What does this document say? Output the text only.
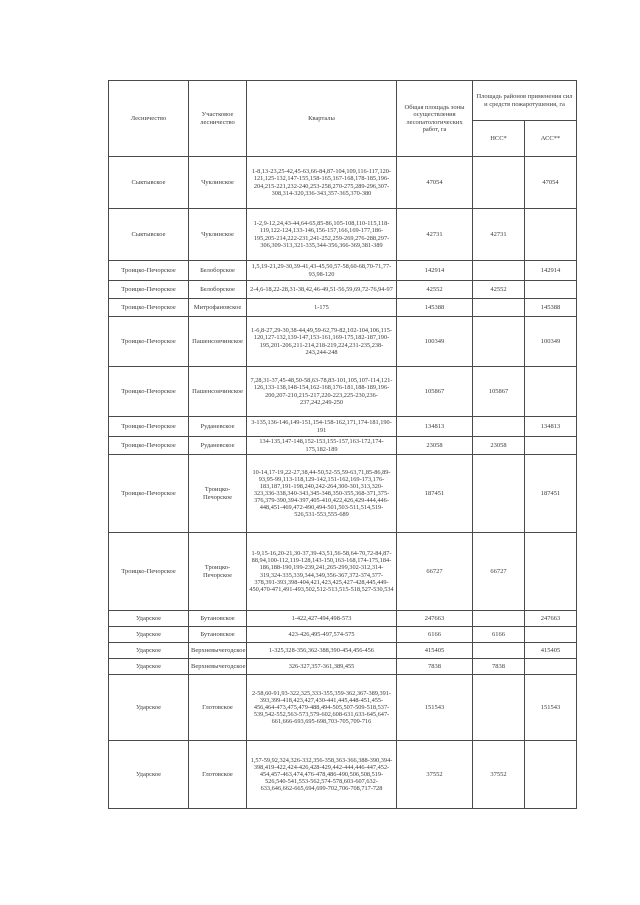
Лесничество	Участковое лесничество	Кварталы	Общая площадь зоны осуществления лесопатологических работ, га	Площадь районов применения сил и средств пожаротушения, га	
				НСС*	АСС**
Сыктывское	Чуклинское	1-8,13-23,25-42,45-63,66-84,87-104,109,116-117,120-121,125-132,147-155,158-165,167-168,178-185,196-204,215-221,232-240,253-258,270-275,289-296,307-308,314-320,336-343,357-365,370-380	47054		47054
Сыктывское	Чуклинское	1-2,9-12,24,43-44,64-65,85-86,105-108,110-115,118-119,122-124,133-146,156-157,166,169-177,186-195,205-214,222-231,241-252,259-269,276-288,297-306,309-313,321-335,344-356,366-369,381-389	42731	42731	
Троицко-Печорское	Белоборское	1,5,19-21,29-30,39-41,43-45,50,57-58,60-68,70-71,77-93,98-120	142914		142914
Троицко-Печорское	Белоборское	2-4,6-18,22-28,31-38,42,46-49,51-56,59,69,72-76,94-97	42552	42552	
Троицко-Печорское	Митрофановское	1-175	145388		145388
Троицко-Печорское	Пашенсоичинское	1-6,8-27,29-30,38-44,49,59-62,79-82,102-104,106,115-120,127-132,139-147,153-161,169-175,182-187,190-195,201-206,211-214,218-219,224,231-235,238-243,244-248	100349		100349
Троицко-Печорское	Пашенсоичинское	7,28,31-37,45-48,50-58,63-78,83-101,105,107-114,121-126,133-138,148-154,162-168,176-181,188-189,196-200,207-210,215-217,220-223,225-230,236-237,242,249-250	105867	105867	
Троицко-Печорское	Руданевское	3-135,136-146,149-151,154-158-162,171,174-181,190-191	134813		134813
Троицко-Печорское	Руданевское	134-135,147-148,152-153,155-157,163-172,174-175,182-189	23058	23058	
Троицко-Печорское	Троицко-Печорское	10-14,17-19,22-27,38,44-50,52-55,59-63,71,85-86,89-93,95-99,113-118,129-142,151-162,169-173,176-183,187,191-198,240,242-264,300-301,313,320-323,336-338,340-343,345-348,350-355,368-371,375-376,379-390,394-397,405-410,422,426,429-444,446-448,451-469,472-490,494-501,503-511,514,519-526,531-553,555-689	187451		187451
Троицко-Печорское	Троицко-Печорское	1-9,15-16,20-21,30-37,39-43,51,56-58,64-70,72-84,87-88,94,100-112,119-128,143-150,163-168,174-175,184-186,188-190,199-239,241,265-299,302-312,314-319,324-335,339,344,349,356-367,372-374,377-378,391-393,398-404,421,423,425,427-428,445,449-450,470-471,491-493,502,512-513,515-518,527-530,534	66727	66727	
Ударское	Бутановское	1-422,427-494,498-573	247663		247663
Ударское	Бутановское	423-426,495-497,574-575	6166	6166	
Ударское	Верхневычегодское	1-325,328-356,362-388,390-454,456-456	415405		415405
Ударское	Верхневычегодское	326-327,357-361,389,455	7838	7838	
Ударское	Глотовское	2-58,60-91,93-322,325,333-355,359-362,367-389,391-393,399-418,423,427,430-441,445,448-451,455-456,464-473,475,479-488,494-505,507-509-518,537-539,542-552,563-573,579-602,608-631,633-645,647-661,666-693,695-698,703-705,709-716	151543		151543
Ударское	Глотовское	1,57-59,92,324,326-332,356-358,363-366,388-390,394-398,419-422,424-426,428-429,442-444,446-447,452-454,457-463,474,476-478,486-490,506,508,519-526,540-541,553-562,574-578,603-607,632-633,646,662-665,694,699-702,706-708,717-728	37552	37552	
